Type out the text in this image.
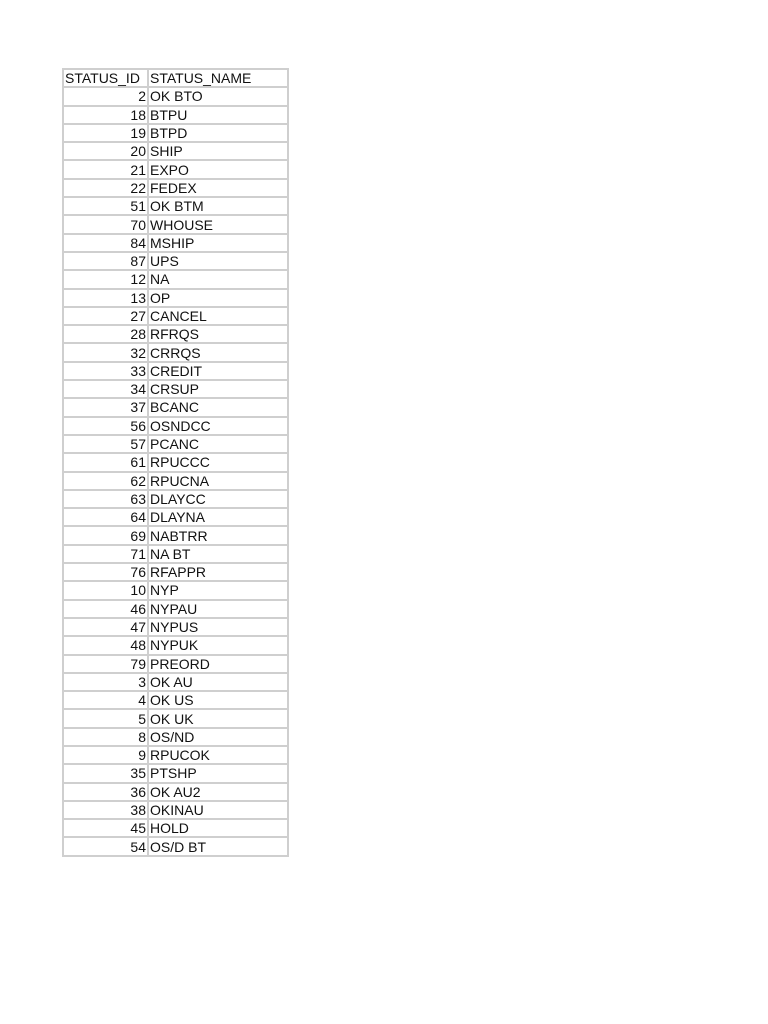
STATUS_ID	STATUS_NAME
2	OK BTO
18	BTPU
19	BTPD
20	SHIP
21	EXPO
22	FEDEX
51	OK BTM
70	WHOUSE
84	MSHIP
87	UPS
12	NA
13	OP
27	CANCEL
28	RFRQS
32	CRRQS
33	CREDIT
34	CRSUP
37	BCANC
56	OSNDCC
57	PCANC
61	RPUCCC
62	RPUCNA
63	DLAYCC
64	DLAYNA
69	NABTRR
71	NA BT
76	RFAPPR
10	NYP
46	NYPAU
47	NYPUS
48	NYPUK
79	PREORD
3	OK AU
4	OK US
5	OK UK
8	OS/ND
9	RPUCOK
35	PTSHP
36	OK AU2
38	OKINAU
45	HOLD
54	OS/D BT
